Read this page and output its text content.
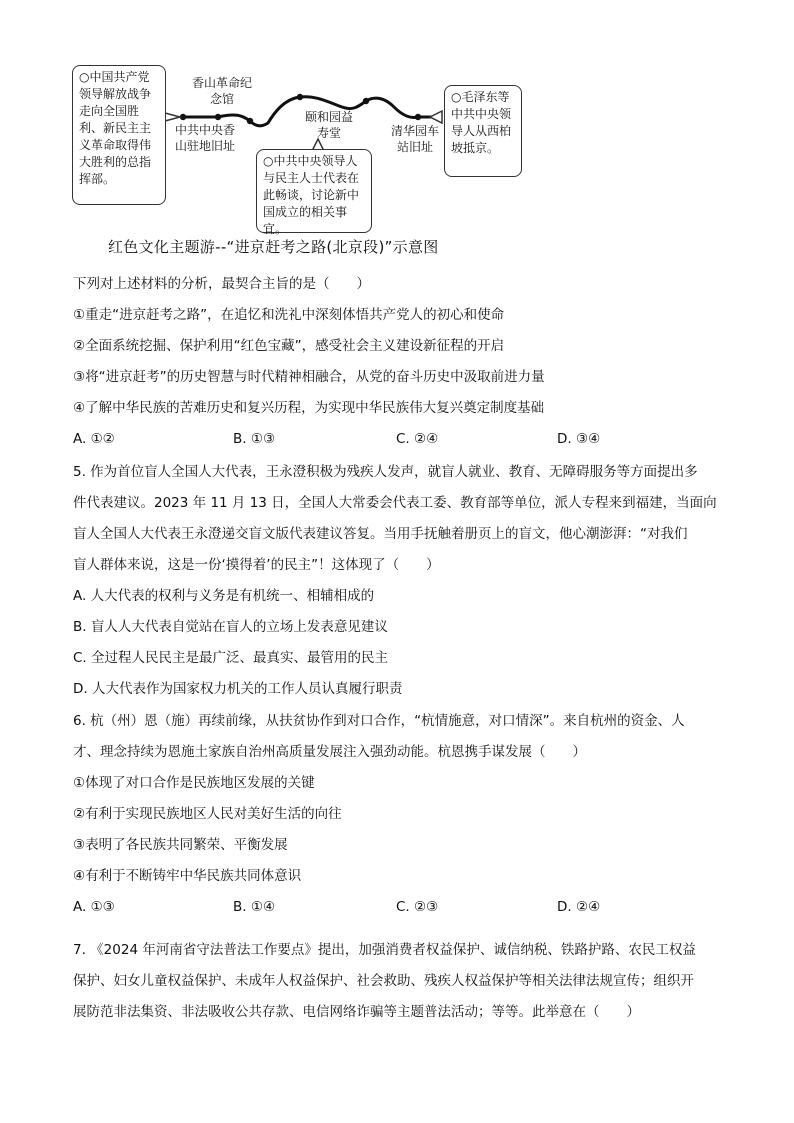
○中国共产党领导解放战争走向全国胜利、新民主主义革命取得伟大胜利的总指挥部。
○毛泽东等中共中央领导人从西柏坡抵京。
○中共中央领导人与民主人士代表在此畅谈，讨论新中国成立的相关事宜。
香山革命纪念馆
中共中央香山驻地旧址
颐和园益寿堂	清华园车站旧址
红色文化主题游--“进京赶考之路(北京段)”示意图
下列对上述材料的分析，最契合主旨的是（　　）
①重走“进京赶考之路”，在追忆和洗礼中深刻体悟共产党人的初心和使命
②全面系统挖掘、保护利用“红色宝藏”，感受社会主义建设新征程的开启
③将“进京赶考”的历史智慧与时代精神相融合，从党的奋斗历史中汲取前进力量
④了解中华民族的苦难历史和复兴历程，为实现中华民族伟大复兴奠定制度基础
A. ①②	B. ①③	C. ②④	D. ③④
5. 作为首位盲人全国人大代表，王永澄积极为残疾人发声，就盲人就业、教育、无障碍服务等方面提出多
件代表建议。2023 年 11 月 13 日，全国人大常委会代表工委、教育部等单位，派人专程来到福建，当面向
盲人全国人大代表王永澄递交盲文版代表建议答复。当用手抚触着册页上的盲文，他心潮澎湃：“对我们
盲人群体来说，这是一份‘摸得着’的民主”！这体现了（　　）
A. 人大代表的权利与义务是有机统一、相辅相成的
B. 盲人人大代表自觉站在盲人的立场上发表意见建议
C. 全过程人民民主是最广泛、最真实、最管用的民主
D. 人大代表作为国家权力机关的工作人员认真履行职责
6. 杭（州）恩（施）再续前缘，从扶贫协作到对口合作，“杭情施意，对口情深”。来自杭州的资金、人
才、理念持续为恩施土家族自治州高质量发展注入强劲动能。杭恩携手谋发展（　　）
①体现了对口合作是民族地区发展的关键
②有利于实现民族地区人民对美好生活的向往
③表明了各民族共同繁荣、平衡发展
④有利于不断铸牢中华民族共同体意识
A. ①③	B. ①④	C. ②③	D. ②④
7. 《2024 年河南省守法普法工作要点》提出，加强消费者权益保护、诚信纳税、铁路护路、农民工权益
保护、妇女儿童权益保护、未成年人权益保护、社会救助、残疾人权益保护等相关法律法规宣传；组织开
展防范非法集资、非法吸收公共存款、电信网络诈骗等主题普法活动；等等。此举意在（　　）
